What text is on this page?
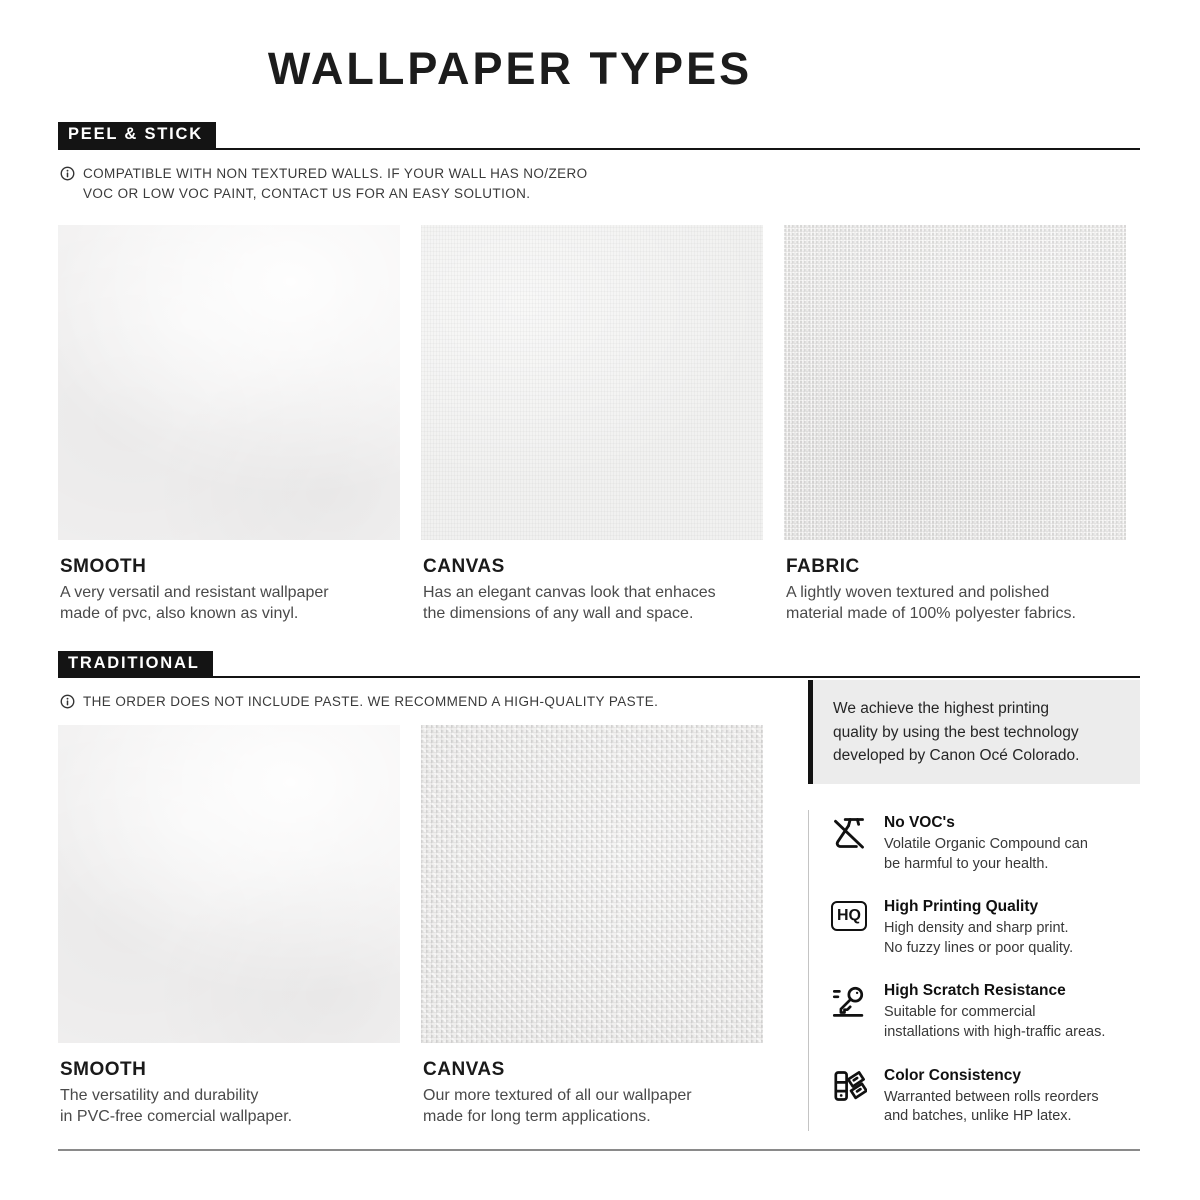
WALLPAPER TYPES
PEEL & STICK
COMPATIBLE WITH NON TEXTURED WALLS. IF YOUR WALL HAS NO/ZERO
VOC OR LOW VOC PAINT, CONTACT US FOR AN EASY SOLUTION.
SMOOTH
A very versatil and resistant wallpaper
made of pvc, also known as vinyl.
CANVAS
Has an elegant canvas look that enhaces
the dimensions of any wall and space.
FABRIC
A lightly woven textured and polished
material made of 100% polyester fabrics.
TRADITIONAL
THE ORDER DOES NOT INCLUDE PASTE. WE RECOMMEND A HIGH-QUALITY PASTE.
SMOOTH
The versatility and durability
in PVC-free comercial wallpaper.
CANVAS
Our more textured of all our wallpaper
made for long term applications.
We achieve the highest printing
quality by using the best technology
developed by Canon Océ Colorado.
No VOC's
Volatile Organic Compound can
be harmful to your health.
HQ
High Printing Quality
High density and sharp print.
No fuzzy lines or poor quality.
High Scratch Resistance
Suitable for commercial
installations with high-traffic areas.
Color Consistency
Warranted between rolls reorders
and batches, unlike HP latex.
